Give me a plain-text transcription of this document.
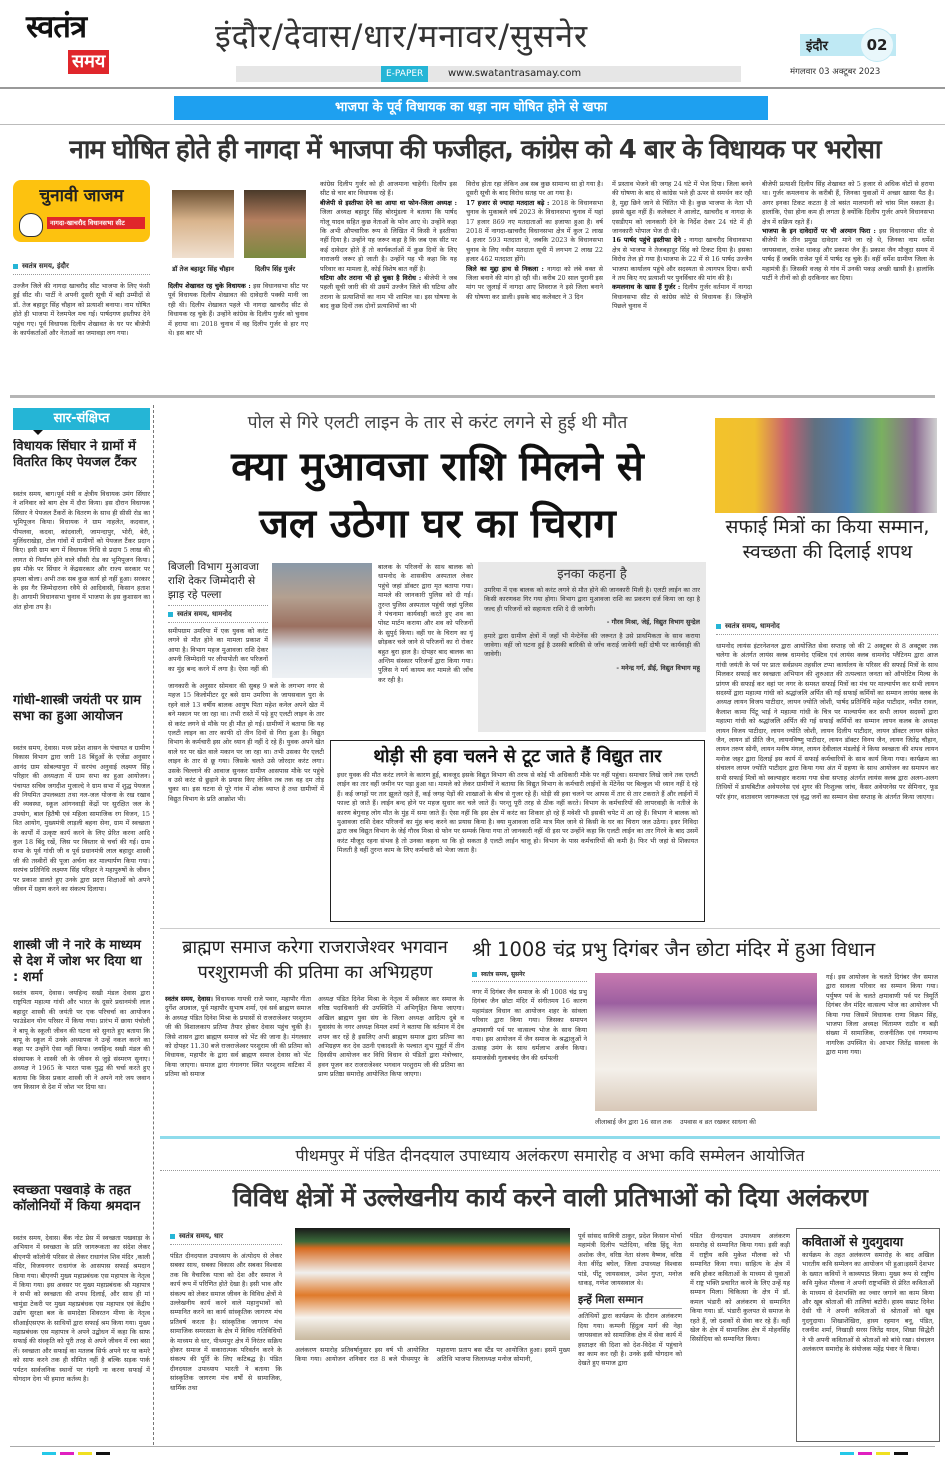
स्वतंत्र
समय
इंदौर/देवास/धार/मनावर/सुसनेर
E-PAPER	www.swatantrasamay.com
इंदौर	02
मंगलवार 03 अक्टूबर 2023
भाजपा के पूर्व विधायक का धड़ा नाम घोषित होने से खफा
नाम घोषित होते ही नागदा में भाजपा की फजीहत, कांग्रेस को 4 बार के विधायक पर भरोसा
चुनावी जाजम
नागदा-खाचरौद विधानसभा सीट
स्वतंत्र समय, इंदौर
उज्जैन जिले की नागदा खाचरौद सीट भाजपा के लिए फंसी हुई सीट थी। पार्टी ने अपनी दूसरी सूची में बड़ी उम्मीदों से डॉ. तेज बहादुर सिंह चौहान को प्रत्याशी बनाया। नाम घोषित होते ही भाजपा में रेलमपेल मच गई। पार्षदगण इस्तीफा देने पहुंच गए। पूर्व विधायक दिलीप शेखावत के घर पर बीजेपी के कार्यकर्ताओं और नेताओं का जमावड़ा लग गया।
डॉ तेज बहादुर सिंह चौहान	दिलीप सिंह गुर्जर
दिलीप शेखावत रह चुके विधायक : इस विधानसभा सीट पर पूर्व विधायक दिलीप शेखावत की दावेदारी पक्की मानी जा रही थी। दिलीप शेखावत पहले भी नागदा खाचरौद सीट से विधायक रह चुके हैं। उन्होंने कांग्रेस के दिलीप गुर्जर को चुनाव में हराया था। 2018 चुनाव में वह दिलीप गुर्जर से हार गए थे। इस बार भी
कांग्रेस दिलीप गुर्जर को ही आजमाना चाहेगी। दिलीप इस सीट से चार बार विधायक रहे हैं।
बीजेपी से इस्तीफा देने का आया था फोन-जिला अध्यक्ष : जिला अध्यक्ष बहादुर सिंह बोरमुंडला ने बताया कि पार्षद गोलू यादव सहित कुछ नेताओं के फोन आए थे। उन्होंने कहा कि अभी औपचारिक रूप से लिखित में किसी ने इस्तीफा नहीं दिया है। उन्होंने यह जरूर कहा है कि जब एक सीट पर कई दावेदार होते हैं तो कार्यकर्ताओं में कुछ दिनों के लिए नाराजगी जरूर हो जाती है। उन्होंने यह भी कहा कि यह परिवार का मामला है, कोई विशेष बात नहीं है।
घटिया और तराना भी हो चुका है विरोध : बीजेपी ने जब पहली सूची जारी की थी उसमें उज्जैन जिले की घटिया और तराना के प्रत्याशियों का नाम भी शामिल था। इस घोषणा के बाद कुछ दिनों तक दोनों प्रत्याशियों का भी
विरोध होता रहा लेकिन अब सब कुछ सामान्य सा हो गया है। दूसरी सूची के बाद विरोध सतह पर आ गया है।
17 हजार से ज्यादा मतदाता बढ़े : 2018 के विधानसभा चुनाव के मुकाबले वर्ष 2023 के विधानसभा चुनाव में यहां 17 हजार 869 नए मतदाताओं का इजाफा हुआ है। वर्ष 2018 में नागदा-खाचरौद विधानसभा क्षेत्र में कुल 2 लाख 4 हजार 593 मतदाता थे, जबकि 2023 के विधानसभा चुनाव के लिए नवीन मतदाता सूची में लगभग 2 लाख 22 हजार 462 मतदाता होंगे।
जिले का मुद्दा हाथ से निकला : नागदा को लंबे वक्त से जिला बनाने की मांग हो रही थी। करीब 20 साल पुरानी इस मांग पर जुलाई में नागदा आए शिवराज ने इसे जिला बनाने की घोषणा कर डाली। इसके बाद कलेक्टर ने 3 दिन
में प्रस्ताव भेजने की जगह 24 घंटे में भेज दिया। जिला बनने की घोषणा के बाद से कांग्रेस भले ही ऊपर से समर्थन कर रही है, मुद्दा छिने जाने से चिंतित भी है। कुछ भाजपा के नेता भी इससे खुश नहीं हैं। कलेक्टर ने आलोट, खाचरौद व नागदा के एसडीएम को जानकारी देने के निर्देश देकर 24 घंटे में ही जानकारी भोपाल भेज दी थी।
16 पार्षद पहुंचे इस्तीफा देने : नागदा खाचरौद विधानसभा क्षेत्र से भाजपा ने तेजबहादुर सिंह को टिकट दिया है। इसका विरोध तेज हो गया है।भाजपा के 22 में से 16 पार्षद उज्जैन भाजपा कार्यालय पहुंचे और सदस्यता से त्यागपत्र दिया। सभी ने तय किए गए प्रत्याशी पर पुनर्विचार की मांग की है।
कमलनाथ के खास हैं गुर्जर : दिलीप गुर्जर वर्तमान में नागदा विधानसभा सीट से कांग्रेस कोटे से विधायक हैं। जिन्होंने पिछले चुनाव में
बीजेपी प्रत्याशी दिलीप सिंह शेखावत को 5 हजार से अधिक वोटों से हराया था। गुर्जर कमलनाथ के करीबी हैं, जिनका युवाओं में अच्छा खासा पैठ है। अगर इनका टिकट कटता है तो बसंत मालपानी को चांस मिल सकता है। हालांकि, ऐसा होना कम ही लगता है क्योंकि दिलीप गुर्जर अपने विधानसभा क्षेत्र में सक्रिय रहते हैं।
भाजपा के इन दावेदारों पर भी अरमान फिरा : इस विधानसभा सीट से बीजेपी के तीन प्रमुख दावेदार माने जा रहे थे, जिनका नाम धर्मेश जायसवाल, राजेश धाकड़ और प्रकाश जैन हैं। प्रकाश जैन मौजूदा समय में पार्षद हैं जबकि राजेश पूर्व में पार्षद रह चुके हैं। वहीं धर्मेश ग्रामीण जिला के महामंत्री हैं। जिसकी वजह से गांव में उनकी पकड़ अच्छी खासी है। हालांकि पार्टी ने तीनों को ही दरकिनार कर दिया।
सार-संक्षिप्त
विधायक सिंघार ने ग्रामों में वितरित किए पेयजल टैंकर
स्वतंत्र समय, बाग।पूर्व मंत्री व क्षेत्रीय विधायक उमंग सिंघार ने शनिवार को बाग क्षेत्र में दौरा किया। इस दौरान विधायक सिंघार ने पेयजल टैंकरों के वितरण के साथ ही सीसी रोड का भूमिपूजन किया। विधायक ने ग्राम नाहलेत, कदवाल, पीपलवा, कदवा, कांदवाली, जामन्दापुर, भोरी, बेरी, मुलिंधराखेड़ा, टोल गांवों में ग्रामीणों को पेयजल टैंकर प्रदान किए। इसी ग्राम बाग में विधायक निधि से प्रदाय 5 लाख की लागत से निर्माण होने वाले सीसी रोड का भूमिपूजन किया। इस मौके पर सिंघार ने केंद्रसरकार और राज्य सरकार पर हमला बोला। अभी तक सब कुछ कार्य हो नहीं हुआ। सरकार के इस गैर जिम्मेदाराना रवैये से आदिवासी, किसान हताश है। आगामी विधानसभा चुनाव में भाजपा के इस कुशासन का अंत होना तय है।
गांधी-शास्त्री जयंती पर ग्राम सभा का हुआ आयोजन
स्वतंत्र समय, देवास। मध्य प्रदेश शासन के पंचायत व ग्रामीण विकास विभाग द्वारा जारी 18 बिंदुओं के एजेंडा अनुसार आनंद ग्राम सोबल्यापुरा में सरपंच अनुवाई लक्ष्मण सिंह परिहार की अध्यक्षता में ग्राम सभा का हुआ आयोजन। पंचायत सचिव जगदीश मुजाल्दे ने ग्राम सभा में शुद्ध पेयजल की नियमित उपलब्धता तथा नल-जल योजना के रख रखाव की व्यवस्था, स्कूल आंगनवाड़ी केंद्रों पर सुरक्षित जल के उपयोग, बाल हितैषी एवं महिला सामाजिक रग विजन, 15 वित आयोग, मुख्यमंत्री लाड़ली बहना सेना, ग्राम में स्वच्छता के कार्यों में उत्कृष्ट कार्य करने के लिए प्रेरित करना आदि कुल 18 बिंदु रखें, जिस पर विस्तार से चर्चा की गई। ग्राम सभा के पूर्व गांधी जी व पूर्व प्रधानमंत्री लाल बहादुर शास्त्री जी की तस्वीरों की पूजा अर्चना कर माल्यार्पण किया गया। सरपंच प्रतिनिधि लक्ष्मण सिंह परिहार ने महापुरुषों के जीवन पर प्रकाश डालते हुए उनके द्वारा प्रदत्त शिक्षाओं को अपने जीवन में ग्रहण करने का संकल्प दिलाया।
शास्त्री जी ने नारे के माध्यम से देश में जोश भर दिया था : शर्मा
स्वतंत्र समय, देवास। जयहिन्द सखी मंडल देवास द्वारा राष्ट्रपिता महात्मा गांधी और भारत के दूसरे प्रधानमंत्री लाल बहादुर शास्त्री की जयंती पर एक परिचर्चा का आयोजन फाउंडेशन योग परिसर में किया गया। प्रारंभ में छाया पंचोली ने बापू के स्कूली जीवन की घटना को सुनाते हुए बताया कि बापू के स्कूल में उनके अध्यापक ने उन्हें नकल करने का कहा पर उन्होंने ऐसा नहीं किया। जयहिन्द सखी मंडल की संस्थापक ने शास्त्री जी के जीवन से जुड़े संस्मरण सुनाए। अध्यक्ष ने 1965 के भारत पाक युद्ध की चर्चा करते हुए बताया कि किस प्रकार शास्त्री जी ने अपने नारे जय जवान जय किसान से देश में जोश भर दिया था।
स्वच्छता पखवाड़े के तहत कॉलोनियों में किया श्रमदान
स्वतंत्र समय, देवास। बैंक नोट प्रेस में स्वच्छता पखवाड़ा के अभियान में स्वच्छता के प्रति जागरूकता का संदेश लेकर बीएनपी कॉलोनी परिसर से लेकर राधागंज शिव मंदिर ,काली मंदिर, विजयनगर राधागंज के आसपास सफाई श्रमदान किया गया। बीएनपी मुख्य महाप्रबंधक एस महापात्र के नेतृत्व में किया गया। इस अवसर पर मुख्य महाप्रबंधक श्री महापात्र ने सभी को स्वच्छता की शपथ दिलाई, और साथ ही मां चामुंडा टेकरी पर मुख्य महाप्रबंधक एस महापात्र एवं केंद्रीय उद्योग सुरक्षा बल के समादेष्टा शिवरतन मीणा के नेतृत्व सीआईएसएफ के साथियों द्वारा सफाई श्रम किया गया। मुख्य महाप्रबंधक एस महापात्र ने अपने उद्बोधन में कहा कि साफ सफाई की संस्कृति को पूरी तरह से अपने जीवन में रचा बसा लें। स्वच्छता और सफाई का मतलब सिर्फ अपने घर या कमरे को साफ करने तक ही सीमित नहीं है बल्कि सड़क पार्क पर्यटन सार्वजनिक स्थानों पर गंदगी ना करना सफाई में योगदान देना भी हमारा कर्तव्य है।
पोल से गिरे एलटी लाइन के तार से करंट लगने से हुई थी मौत
क्या मुआवजा राशि मिलने से
जल उठेगा घर का चिराग
बिजली विभाग मुआवजा राशि देकर जिम्मेदारी से झाड़ रहे पल्ला
स्वतंत्र समय, धामनोद
समीपग्राम उमरिया में एक युवक को करंट लगने से मौत होने का मामला प्रकाश में आया है। विभाग महज मुआवजा राशि देकर अपनी जिम्मेदारी पर लीपापोती कर परिजनों का मुंह बन्द करने में लगा है। ऐसा नहीं की
जानकारी के अनुसार सोमवार की सुबह 9 बजे के लगभग नगर से महज 15 किलोमीटर दूर बसे ग्राम उमरिया के जायसवाल पुरा के रहने वाले 13 वर्षीय बालक आयुष पिता महेश कनेल अपने खेत में बने मकान पर जा रहा था। तभी रास्ते में पड़े हुए एलटी लाइन के तार से करंट लगने से मौके पर ही मौत हो गई। ग्रामीणों ने बताया कि यह एलटी लाइन का तार काफी दो तीन दिनों से गिरा हुआ है। विद्युत विभाग के कर्मचारी इस ओर ध्यान ही नहीं दे रहे हैं। युवक अपने खेत वाले घर पर खेत वाले मकान पर जा रहा था। तभी उसका पैर एलटी लाइन के तार से छू गया। जिसके चलते उसे जोरदार करंट लगा। उसके चिल्लाने की आवाज सुनकर ग्रामीण आसपास मौके पर पहुंचे व उसे करंट से छुड़ाने के प्रयास किए लेकिन तब तक वह दम तोड़ चुका था। इस घटना से पूरे गांव में शोक व्याप्त है तथा ग्रामीणों में विद्युत विभाग के प्रति आक्रोश भी।
बालक के परिजनों के साथ बालक को धामनोद के शासकीय अस्पताल लेकर पहुंचे जहां डॉक्टर द्वारा मृत बताया गया। मामले की जानकारी पुलिस को दी गई। तुरन्त पुलिस अस्पताल पहुंची जहां पुलिस ने पंचनामा कार्यवाही करते हुए शव का पोस्ट मार्टम कराया और शव को परिजनों के सुपुर्द किया। वहीं घर के चिराग का यूं छोड़कर चले जाने से परिजनों का रो रोकर बहुत बुरा हाल है। दोपहर बाद बालक का अन्तिम संस्कार परिजनों द्वारा किया गया। पुलिस ने मर्ग कायम कर मामले की जॉंच कर रही है।
इनका कहना है
उमरिया में एक बालक को करंट लगने से मौत होने की जानकारी मिली है। एलटी लाईन का तार किसी कारणवश गिर गया होगा। विभाग द्वारा मुआवजा राशि का प्रकरण दर्ज किया जा रहा है जल्द ही परिजनों को सहायता राशि दे दी जायेगी।
- गौरव मिश्रा, जेई, विद्युत विभाग सुन्द्रेल
हमारे द्वारा ग्रामीण क्षेत्रों में जहाँ भी मेन्टेनेंस की जरूरत है उसे प्राथमिकता के साथ कराया जावेगा। वहीं जो घटना हुई है उसकी बारिकी से जॉंच कराई जावेगी वहीं दोषी पर कार्यवाही की जावेगी।
- मनेन्द्र गर्ग, डीई, विद्युत विभाग महू
थोड़ी सी हवा चलने से टूट जाते हैं विद्युत तार
इधर युवक की मौत करंट लगने के कारण हुई, बावजूद इसके विद्युत विभाग की तरफ से कोई भी अधिकारी मौके पर नहीं पहुंचा। समाचार लिखे जाने तक एलटी लाईन का तार वहीं जमीन पर पड़ा हुआ था। मामले को लेकर ग्रामीणों ने बताया कि विद्युत विभाग के कर्मचारी लाईनों के मेंटेनेंस पर बिल्कुल भी ध्यान नहीं दे रहे हैं। कई जगहों पर तार झूलते रहते हैं, कई जगह पेड़ों की शाखाओं के बीच से गुजर रहे हैं। थोड़ी सी हवा चलने पर आपस में तार से तार टकराते हैं और लाईनों में फाल्ट हो जाते हैं। लाईन बन्द होने पर महज सुधार कर चले जाते हैं। परन्तु पूरी तरह से ठीक नहीं करते। विभाग के कर्मचारियों की लापरवाही के नतीजे के कारण बेगुनाह लोग मौत के मुंह में समा जाते हैं। ऐसा नहीं कि इस क्षेत्र में करंट का शिकार हो रहे हैं मवेशी भी इसकी चपेट में आ रहे हैं। विभाग ने बालक को मुआवजा राशि देकर परिजनों का मुंह बन्द करने का प्रयास किया है। क्या मुआवजा राशि मात्र मिल जाने से किसी के घर का चिराग जल उठेगा। इधर निविदा द्वारा जब विद्युत विभाग के जेई गौरव मिश्रा से फोन पर सम्पर्क किया गया तो जानकारी नहीं थी इस पर उन्होंने कहा कि एलटी लाईन का तार गिरने के बाद उसमें करंट मौजूद रहना संभव है तो उनका कहना था कि हो सकता है एलटी लाईन चालू हो। विभाग के पास कर्मचारियों की कमी है। फिर भी जहां से शिकायत मिलती है वहीं तुरन्त काम के लिए कर्मचारी को भेजा जाता है।
सफाई मित्रों का किया सम्मान, स्वच्छता की दिलाई शपथ
स्वतंत्र समय, धामनोद
धामनोद लायंस इंटरनेशनल द्वारा आयोजित सेवा सप्ताह जो की 2 अक्टूबर से 8 अक्टूबर तक चलेगा के अंतर्गत लायंस क्लब धामनोद एक्टिव एवं लायंस क्लब धामनोद प्लैटिनम द्वारा आज गांधी जयंती के पर्व पर प्रातः सर्वप्रथम तहसील टप्पा कार्यालय के परिसर की सफाई मित्रों के साथ मिलकर सफाई कर स्वच्छता अभियान की शुरुआत की तत्पश्चात जनता को ऑपरेटिव मिल्स के प्रांगण की सफाई कर वहां पर नगर के समस्त सफाई मित्रों का मंच पर माल्यार्पण कर सभी लायन सदस्यों द्वारा महात्मा गांधी को श्रद्धांजलि अर्पित की गई सफाई कर्मियों का सम्मान लायंस क्लब के अध्यक्ष लायन विजय पाटीदार, लायन ज्योति जोशी, पार्षद प्रतिनिधि महेश पाटीदार, नमीत रावल, कैलाश कामा पिंटू भाई ने महात्मा गांधी के चित्र पर माल्यार्पण कर सभी लायन सदस्यों द्वारा महात्मा गांधी को श्रद्धांजलि अर्पित की गई सफाई कर्मियों का सम्मान लायन कलब के अध्यक्ष लायन विजय पाटीदार, लायन ज्योति जोशी, लायन दिलीप पाटीदार, लायन डॉक्टर लायन संकेत जैन, लायन डॉ प्रीति जैन, लायनविष्णु पाटीदार, लायन डॉक्टर विनय जैन, लायन जितेंद्र चौहान, लायन तरुण सोनी, लायन मनीष मंगल, लायन देवीलाल मंडलोई ने किया स्वच्छता की शपथ लायन मनोज जहर द्वारा दिलाई इस कार्य में सफाई कर्मचारियों के साथ कार्य किया गया। कार्यक्रम का संचालन लायन ज्योति पाटीदार द्वारा किया गया अंत में ग्रहणा के साथ आयोजन का समापन कर सभी सफाई मित्रों को स्वल्पाहार कराया गया सेवा सप्ताह अंतर्गत लायंस क्लब द्वारा अलग-अलग तिथियों में डायबिटीज अवेयरनेस एवं शुगर की निःशुल्क जांच, कैंसर अवेयरनेस पर सेमिनार, फूड फॉर हंगर, वातावरण जागरूकता एवं वृद्ध जनों का सम्मान सेवा सप्ताह के अंतर्गत किया जाएगा।
ब्राह्मण समाज करेगा राजराजेश्वर भगवान परशुरामजी की प्रतिमा का अभिग्रहण
स्वतंत्र समय, देवास। विधायक गायत्री राजे पवार, महापौर गीता दुर्गेश अग्रवाल, पूर्व महापौर सुभाष शर्मा, एवं सर्व ब्राह्मण समाज के अध्यक्ष पंडित दिनेश मिश्रा के प्रयासों से राजराजेश्वर परशुराम जी की विशालकाय प्रतिमा तैयार होकर देवास पहुंच चुकी है। जिसे शासन द्वारा ब्राह्मण समाज को भेंट की जाना है। मंगलवार को दोपहर 11.30 बजे राजराजेश्वर परशुराम जी की प्रतिमा को विधायक, महापौर के द्वारा सर्व ब्राह्मण समाज देवास को भेंट किया जाएगा। समाज द्वारा गंगानगर स्थित परशुराम वाटिका में प्रतिमा को समाज
अध्यक्ष पंडित दिनेश मिश्रा के नेतृत्व में स्वीकार कर समाज के वरिष्ठ पदाधिकारी की उपस्थिति में अभिगृहित किया जाएगा। अखिल ब्राह्मण युवा संघ के जिला अध्यक्ष आदित्य दुबे व युवासंघ के नगर अध्यक्ष विमल शर्मा ने बताया कि वर्तमान में देव शयन कर रहें है इसलिए अभी ब्राह्मण समाज द्वारा प्रतिमा का अभिग्रहण कर देव उठनी एकादशी के पश्चात शुभ मुहूर्त में तीन दिवसीय आयोजन कर विधि विधान से पंडितों द्वारा मंत्रोच्चार, हवन पूजन कर राजराजेश्वर भगवान परशुराम जी की प्रतिमा का प्राण प्रतिष्ठा समारोह आयोजित किया जाएगा।
श्री 1008 चंद्र प्रभु दिगंबर जैन छोटा मंदिर में हुआ विधान
स्वतंत्र समय, सुसनेर
नगर में दिगंबर जैन समाज के श्री 1008 चंद्र प्रभु दिगंबर जैन छोटा मंदिर में संगीतमय 16 कारण महामंडल विधान का आयोजन शहर के सांवला परिवार द्वारा किया गया। जिसका समापन क्षमावाणी पर्व पर वात्सल्य भोज के साथ किया गया। इस आयोजन में जैन समाज के श्रद्धालुओं ने उत्साह उमंग के साथ धर्मलाभ अर्जन किया। समाजसेवी गुलाबचंद जैन की धर्मपत्नी
लीलाबाई जैन द्वारा 16 साल तक    उपवास व व्रत रखकर साधना की
गई। इस आयोजन के चलते दिगंबर जैन समाज द्वारा सावला परिवार का सम्मान किया गया। पर्युषण पर्व के चलते क्षमावाणी पर्व पर त्रिमूर्ति दिगंबर जैन मंदिर वात्सल्य भोज का आयोजन भी किया गया जिसमें विधायक राणा विक्रम सिंह, भाजपा जिला अध्यक्ष चिंतामण राठौर व बड़ी संख्या में सामाजिक, राजनीतिक एवं गणमान्य नागरिक उपस्थित थे। आभार जितेंद्र सावला के द्वारा माना गया।
पीथमपुर में पंडित दीनदयाल उपाध्याय अलंकरण समारोह व अभा कवि सम्मेलन आयोजित
विविध क्षेत्रों में उल्लेखनीय कार्य करने वाली प्रतिभाओं को दिया अलंकरण
स्वतंत्र समय, धार
पंडित दीनदयाल उपाध्याय के अंत्योदय से लेकर सबका साथ, सबका विकास और सबका विश्वास तक कि वैचारिक यात्रा को देश और समाज ने कार्य रूप में परिणित होते देखा है। इसी भाव और संकल्प को लेकर समाज जीवन के विविध क्षेत्रों मे उल्लेखनीय कार्य करने वाले महानुभावों को सम्मानित करने का कार्य सांस्कृतिक जागरण मंच प्रतिवर्ष करता है। सांस्कृतिक जागरण मंच सामाजिक समरसता के क्षेत्र में विविध गतिविधियों के माध्यम से धार, पीथमपुर क्षेत्र में निरंतर सक्रिय होकर समाज में सकारात्मक परिवर्तन करने के संकल्प की पूर्ति के लिए कटिबद्ध है। पंडित दीनदयाल उपाध्याय भारती ने बताया कि सांस्कृतिक जागरण मंच वर्षों से सामाजिक, धार्मिक तथा
अलंकरण समारोह प्रतिवर्षानुसार इस वर्ष भी आयोजित किया गया। आयोजन शनिवार रात 8 बजे पीथमपुर के महाराणा प्रताप बस स्टैंड पर आयोजित हुआ। इसमें मुख्य अतिथि भाजपा जिलाध्यक्ष मनोज सोमानी,
पूर्व सांसद सावित्री ठाकुर, प्रदेश किसान मोर्चा महामंत्री दिलीप पटोदिया, वरिष्ठ हिंदू नेता अशोक जैन, वरिष्ठ नेता संजय वैष्णव, वरिष्ठ नेता वीरेंद्र बघेल, जिला उपाध्यक्ष विश्वास पांडे, पींटू जायसवाल, उमेश गुप्ता, मनोज धाकड़, गणेश जायसवाल थे।
इन्हें मिला सम्मान
अतिथियों द्वारा कार्यक्रम के दौरान अलंकरण दिया गया। कम्पनी हिंदुत्व मार्ग की नेहा जायसवाल को सामाजिक क्षेत्र में सेवा कार्य में हस्ताक्षर की दिशा को देश-विदेश में पहुंचाने का काम कर रही है। उनके इसी योगदान को देखते हुए समाज द्वारा
पंडित दीनदयाल उपाध्याय अलंकरण समारोह से सम्मानित किया गया। इसी कड़ी में राष्ट्रीय कवि मुकेश मौलवा को भी सम्मानित किया गया। साहित्य के क्षेत्र में कवि होकर कविताओं के माध्यम से युवाओं में राष्ट्र भक्ति प्रचारित करने के लिए उन्हें यह सम्मान मिला। चिकित्सा के क्षेत्र में डॉ. कमल भंडारी को अलंकरण से सम्मानित किया गया। डॉ. भंडारी कुलपत से समाज के रहते हैं, जो दशकों से सेवा कर रहे हैं। वहीं खेल के क्षेत्र में सामाजिक क्षेत्र में मोहनसिंह सिसोदिया को सम्मानित किया।
कविताओं से गुदगुदाया
कार्यक्रम के तहत अलंकरण समारोह के बाद अखिल भारतीय कवि सम्मेलन का आयोजन भी हुआ।इसमें देशभर के ख्यात कवियों ने काव्यपाठ किया। मुख्य रूप से राष्ट्रीय कवि मुकेश मौलवा ने अपनी राष्ट्रभक्ति से प्रेरित कविताओं के माध्यम से देशभक्ति का ज्वार जगाने का काम किया और खूब श्रोताओं की तालियां बटोरी। हास्य सम्राट दिनेश देसी घी ने अपनी कविताओं से श्रोताओं को खूब गुदगुदाया। शिखाशेखिरा, हास्य रहमान बनू, पंडित, रजनीश शर्मा, निखाड़ी सरस जितेंद्र यादव, शिखा सिद्धेरी ने भी अपनी कविताओं से श्रोताओं को बांधे रखा। संचालन अलंकरण समारोह के संयोजक महेंद्र पंवार ने किया।
